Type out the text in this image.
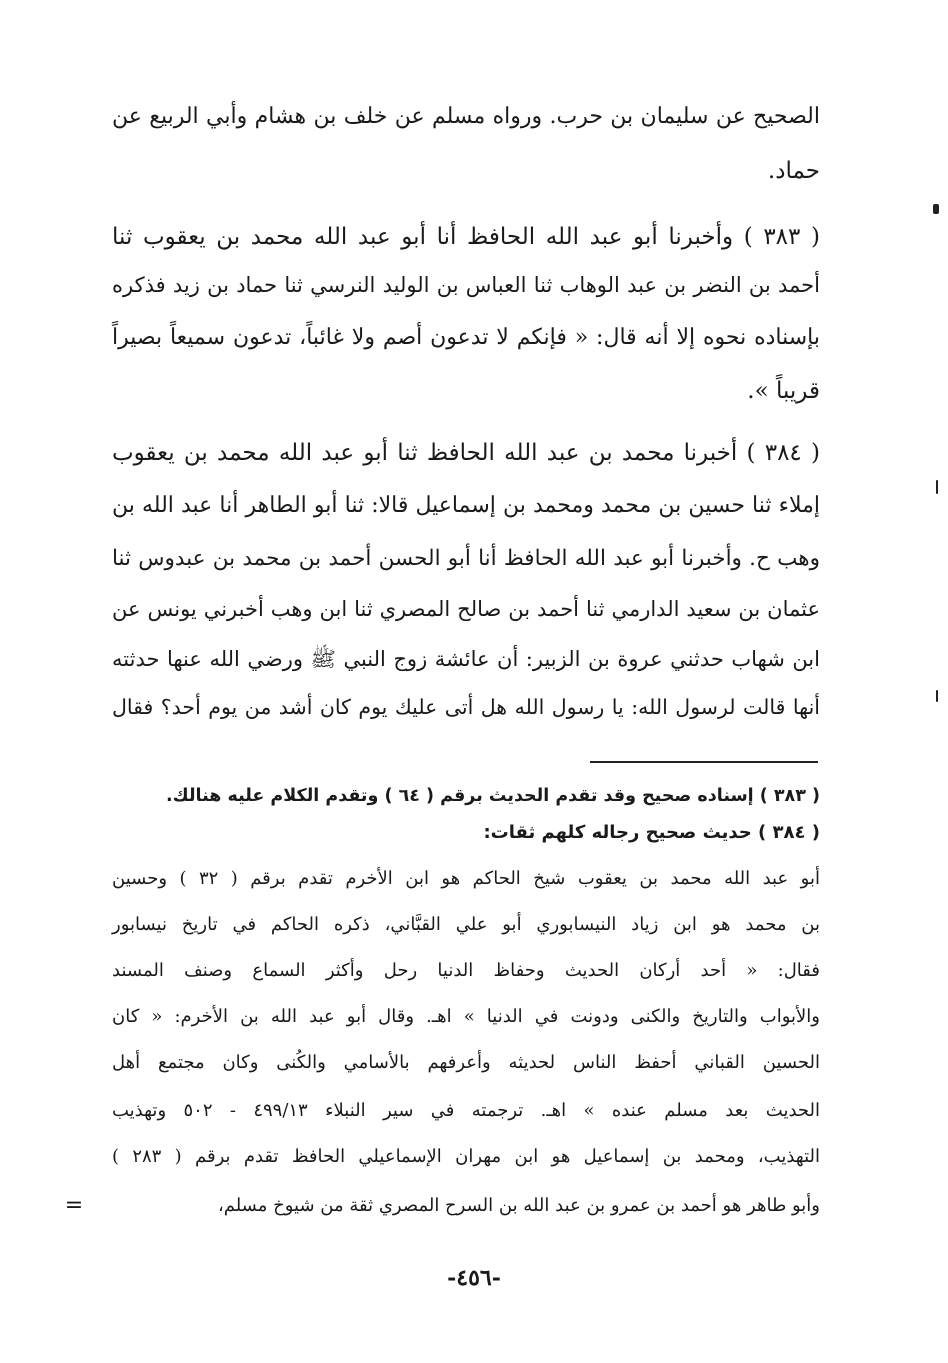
الصحيح عن سليمان بن حرب. ورواه مسلم عن خلف بن هشام وأبي الربيع عن
حماد.
( ٣٨٣ ) وأخبرنا أبو عبد الله الحافظ أنا أبو عبد الله محمد بن يعقوب ثنا
أحمد بن النضر بن عبد الوهاب ثنا العباس بن الوليد النرسي ثنا حماد بن زيد فذكره
بإسناده نحوه إلا أنه قال: « فإنكم لا تدعون أصم ولا غائباً، تدعون سميعاً بصيراً
قريباً ».
( ٣٨٤ ) أخبرنا محمد بن عبد الله الحافظ ثنا أبو عبد الله محمد بن يعقوب
إملاء ثنا حسين بن محمد ومحمد بن إسماعيل قالا: ثنا أبو الطاهر أنا عبد الله بن
وهب ح. وأخبرنا أبو عبد الله الحافظ أنا أبو الحسن أحمد بن محمد بن عبدوس ثنا
عثمان بن سعيد الدارمي ثنا أحمد بن صالح المصري ثنا ابن وهب أخبرني يونس عن
ابن شهاب حدثني عروة بن الزبير: أن عائشة زوج النبي ﷺ ورضي الله عنها حدثته
أنها قالت لرسول الله: يا رسول الله هل أتى عليك يوم كان أشد من يوم أحد؟ فقال
( ٣٨٣ ) إسناده صحيح وقد تقدم الحديث برقم ( ٦٤ ) وتقدم الكلام عليه هنالك.
( ٣٨٤ ) حديث صحيح رجاله كلهم ثقات:
أبو عبد الله محمد بن يعقوب شيخ الحاكم هو ابن الأخرم تقدم برقم ( ٣٢ ) وحسين
بن محمد هو ابن زياد النيسابوري أبو علي القبَّاني، ذكره الحاكم في تاريخ نيسابور
فقال: « أحد أركان الحديث وحفاظ الدنيا رحل وأكثر السماع وصنف المسند
والأبواب والتاريخ والكنى ودونت في الدنيا » اهـ. وقال أبو عبد الله بن الأخرم: « كان
الحسين القباني أحفظ الناس لحديثه وأعرفهم بالأسامي والكُنى وكان مجتمع أهل
الحديث بعد مسلم عنده » اهـ. ترجمته في سير النبلاء ٤٩٩/١٣ - ٥٠٢ وتهذيب
التهذيب، ومحمد بن إسماعيل هو ابن مهران الإسماعيلي الحافظ تقدم برقم ( ٢٨٣ )
وأبو طاهر هو أحمد بن عمرو بن عبد الله بن السرح المصري ثقة من شيوخ مسلم،
=
-٤٥٦-
